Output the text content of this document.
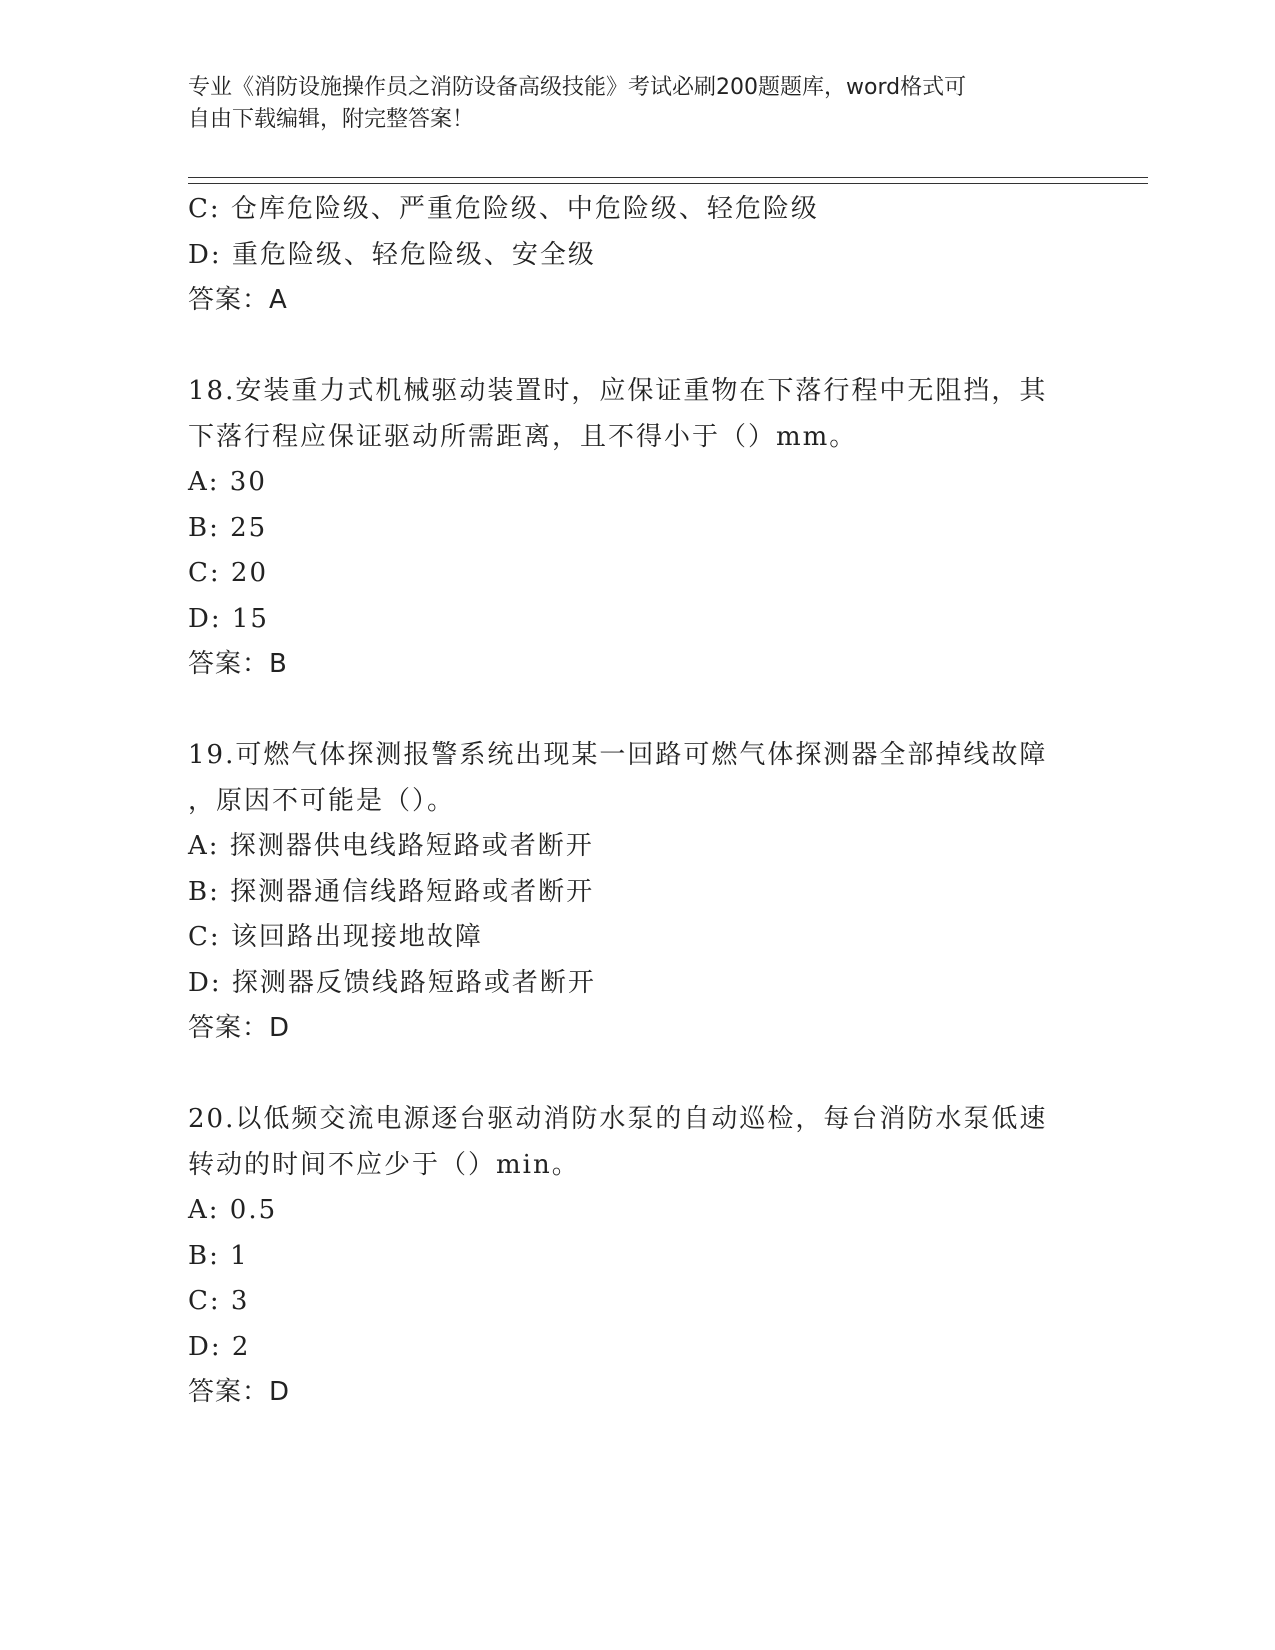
专业《消防设施操作员之消防设备高级技能》考试必刷200题题库，word格式可
自由下载编辑，附完整答案！
C: 仓库危险级、严重危险级、中危险级、轻危险级
D: 重危险级、轻危险级、安全级
答案：A
18.安装重力式机械驱动装置时，应保证重物在下落行程中无阻挡，其
下落行程应保证驱动所需距离，且不得小于（）mm。
A: 30
B: 25
C: 20
D: 15
答案：B
19.可燃气体探测报警系统出现某一回路可燃气体探测器全部掉线故障
，原因不可能是（）。
A: 探测器供电线路短路或者断开
B: 探测器通信线路短路或者断开
C: 该回路出现接地故障
D: 探测器反馈线路短路或者断开
答案：D
20.以低频交流电源逐台驱动消防水泵的自动巡检，每台消防水泵低速
转动的时间不应少于（）min。
A: 0.5
B: 1
C: 3
D: 2
答案：D
